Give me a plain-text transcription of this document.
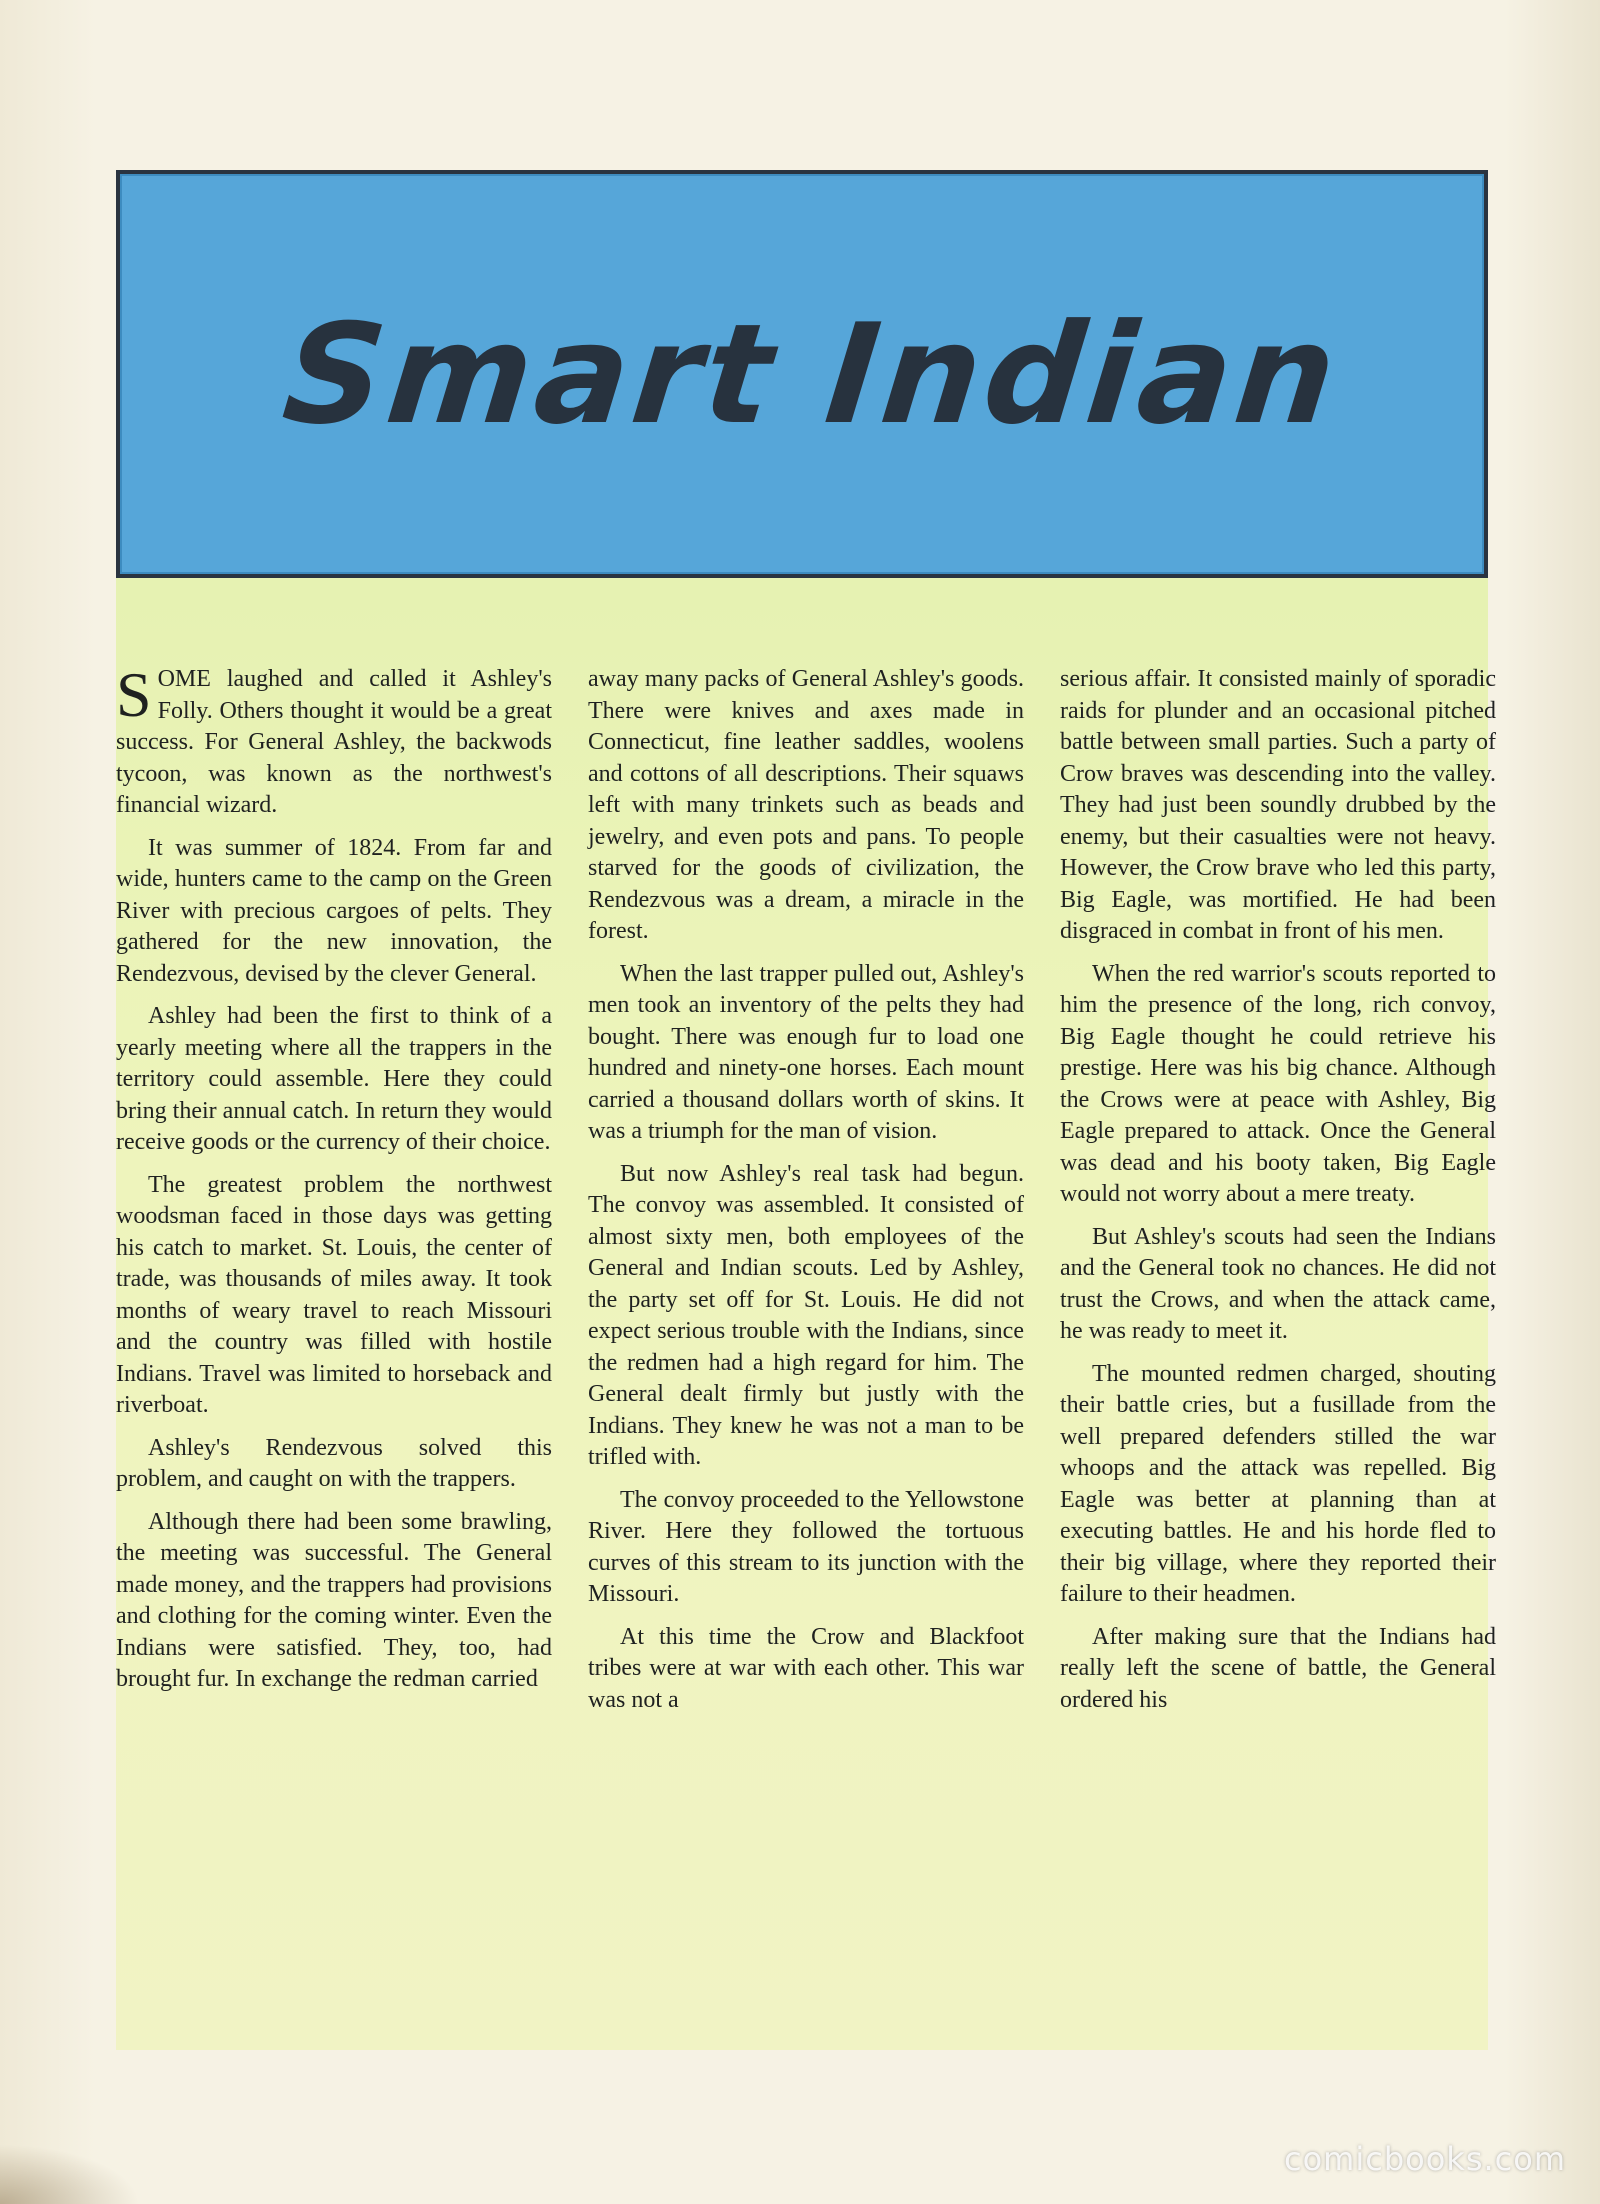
Smart Indian

SOME laughed and called it Ashley's Folly. Others thought it would be a great success. For General Ashley, the backwods tycoon, was known as the northwest's financial wizard.

It was summer of 1824. From far and wide, hunters came to the camp on the Green River with precious cargoes of pelts. They gathered for the new innovation, the Rendezvous, devised by the clever General.

Ashley had been the first to think of a yearly meeting where all the trappers in the territory could assemble. Here they could bring their annual catch. In return they would receive goods or the currency of their choice.

The greatest problem the northwest woodsman faced in those days was getting his catch to market. St. Louis, the center of trade, was thousands of miles away. It took months of weary travel to reach Missouri and the country was filled with hostile Indians. Travel was limited to horseback and riverboat.

Ashley's Rendezvous solved this problem, and caught on with the trappers.

Although there had been some brawling, the meeting was successful. The General made money, and the trappers had provisions and clothing for the coming winter. Even the Indians were satisfied. They, too, had brought fur. In exchange the redman carried

away many packs of General Ashley's goods. There were knives and axes made in Connecticut, fine leather saddles, woolens and cottons of all descriptions. Their squaws left with many trinkets such as beads and jewelry, and even pots and pans. To people starved for the goods of civilization, the Rendezvous was a dream, a miracle in the forest.

When the last trapper pulled out, Ashley's men took an inventory of the pelts they had bought. There was enough fur to load one hundred and ninety-one horses. Each mount carried a thousand dollars worth of skins. It was a triumph for the man of vision.

But now Ashley's real task had begun. The convoy was assembled. It consisted of almost sixty men, both employees of the General and Indian scouts. Led by Ashley, the party set off for St. Louis. He did not expect serious trouble with the Indians, since the redmen had a high regard for him. The General dealt firmly but justly with the Indians. They knew he was not a man to be trifled with.

The convoy proceeded to the Yellowstone River. Here they followed the tortuous curves of this stream to its junction with the Missouri.

At this time the Crow and Blackfoot tribes were at war with each other. This war was not a

serious affair. It consisted mainly of sporadic raids for plunder and an occasional pitched battle between small parties. Such a party of Crow braves was descending into the valley. They had just been soundly drubbed by the enemy, but their casualties were not heavy. However, the Crow brave who led this party, Big Eagle, was mortified. He had been disgraced in combat in front of his men.

When the red warrior's scouts reported to him the presence of the long, rich convoy, Big Eagle thought he could retrieve his prestige. Here was his big chance. Although the Crows were at peace with Ashley, Big Eagle prepared to attack. Once the General was dead and his booty taken, Big Eagle would not worry about a mere treaty.

But Ashley's scouts had seen the Indians and the General took no chances. He did not trust the Crows, and when the attack came, he was ready to meet it.

The mounted redmen charged, shouting their battle cries, but a fusillade from the well prepared defenders stilled the war whoops and the attack was repelled. Big Eagle was better at planning than at executing battles. He and his horde fled to their big village, where they reported their failure to their headmen.

After making sure that the Indians had really left the scene of battle, the General ordered his

comicbooks.com
